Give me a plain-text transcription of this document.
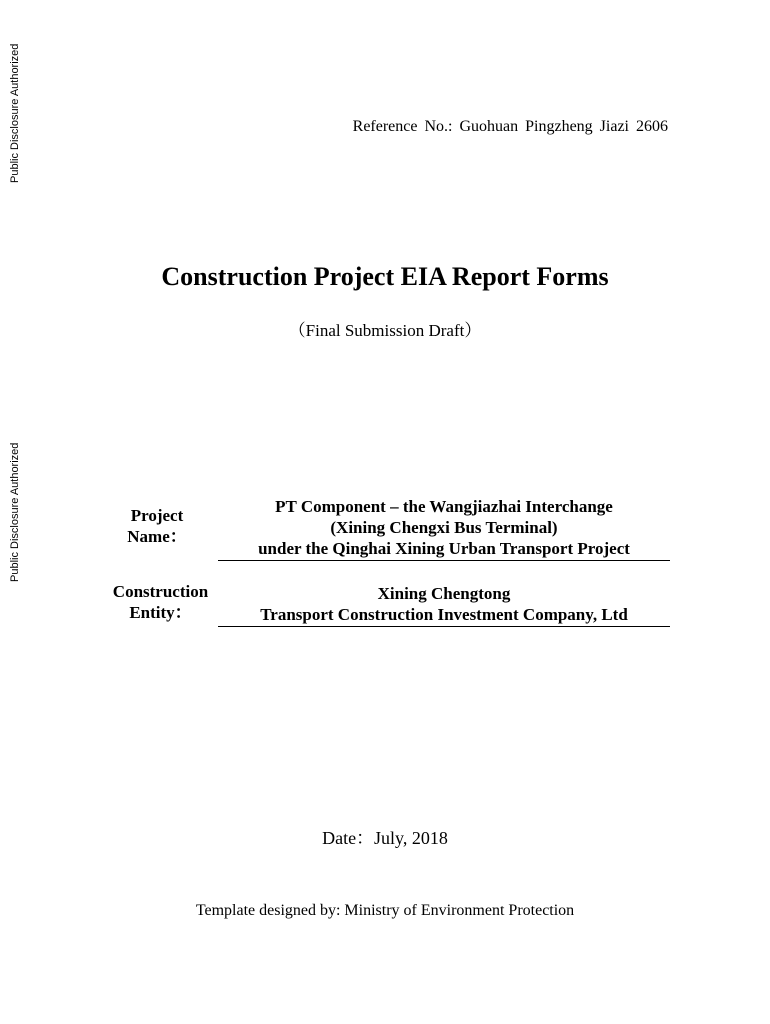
Public Disclosure Authorized
Public Disclosure Authorized
Reference No.: Guohuan Pingzheng Jiazi 2606
Construction Project EIA Report Forms
（Final Submission Draft）
Project
Name：
PT Component – the Wangjiazhai Interchange
(Xining Chengxi Bus Terminal)
under the Qinghai Xining Urban Transport Project
Construction
Entity：
Xining Chengtong
Transport Construction Investment Company, Ltd
Date：July, 2018
Template designed by: Ministry of Environment Protection
